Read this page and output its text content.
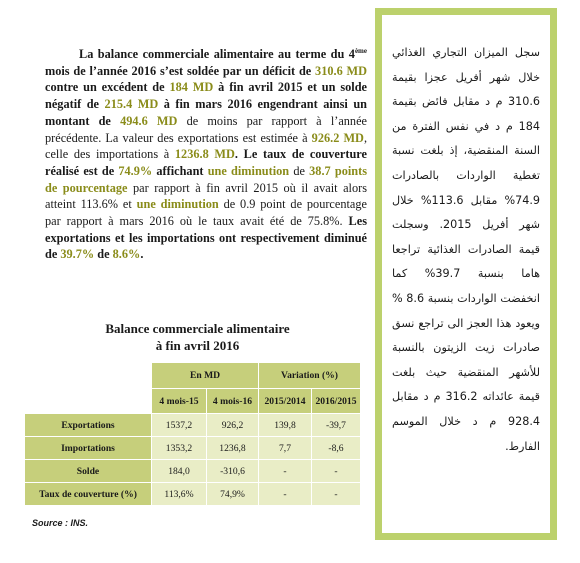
La balance commerciale alimentaire au terme du 4ème mois de l’année 2016 s’est soldée par un déficit de 310.6 MD contre un excédent de 184 MD à fin avril 2015 et un solde négatif de 215.4 MD à fin mars 2016 engendrant ainsi un montant de 494.6 MD de moins par rapport à l’année précédente. La valeur des exportations est estimée à 926.2 MD, celle des importations à 1236.8 MD. Le taux de couverture réalisé est de 74.9% affichant une diminution de 38.7 points de pourcentage par rapport à fin avril 2015 où il avait alors atteint 113.6% et une diminution de 0.9 point de pourcentage par rapport à mars 2016 où le taux avait été de 75.8%. Les exportations et les importations ont respectivement diminué de 39.7% de 8.6%.
Balance commerciale alimentaire
à fin avril 2016
	En MD		Variation (%)	
	4 mois-15	4 mois-16	2015/2014	2016/2015
Exportations	1537,2	926,2	139,8	-39,7
Importations	1353,2	1236,8	7,7	-8,6
Solde	184,0	-310,6	-	-
Taux de couverture (%)	113,6%	74,9%	-	-
Source : INS.
سجل الميزان التجاري الغذائي خلال شهر أفريل عجزا بقيمة 310.6 م د مقابل فائض بقيمة 184 م د في نفس الفترة من السنة المنقضية، إذ بلغت نسبة تغطية الواردات بالصادرات 74.9% مقابل 113.6% خلال شهر أفريل 2015. وسجلت قيمة الصادرات الغذائية تراجعا هاما بنسبة 39.7% كما انخفضت الواردات بنسبة 8.6 % ويعود هذا العجز الى تراجع نسق صادرات زيت الزيتون بالنسبة للأشهر المنقضية حيث بلغت قيمة عائداته 316.2 م د مقابل 928.4 م د خلال الموسم الفارط.
